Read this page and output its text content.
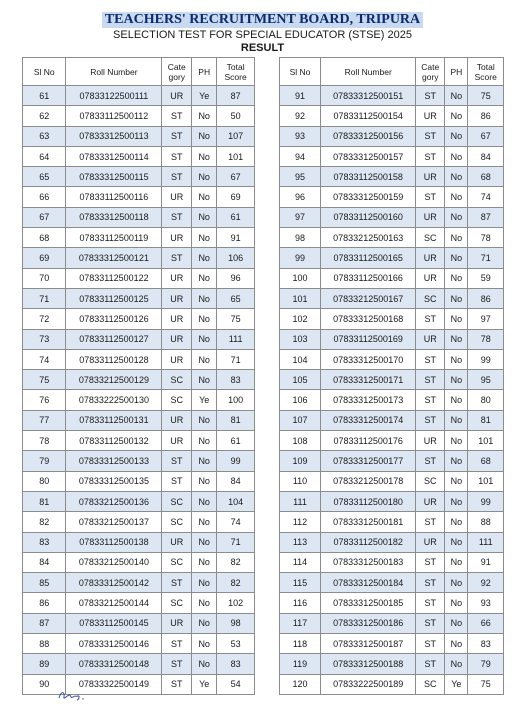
TEACHERS' RECRUITMENT BOARD, TRIPURA
SELECTION TEST FOR SPECIAL EDUCATOR (STSE) 2025
RESULT
Sl No	Roll Number	Cate gory	PH	Total Score
61	07833122500111	UR	Ye	87
62	07833112500112	ST	No	50
63	07833312500113	ST	No	107
64	07833312500114	ST	No	101
65	07833312500115	ST	No	67
66	07833112500116	UR	No	69
67	07833312500118	ST	No	61
68	07833112500119	UR	No	91
69	07833312500121	ST	No	106
70	07833112500122	UR	No	96
71	07833112500125	UR	No	65
72	07833112500126	UR	No	75
73	07833112500127	UR	No	111
74	07833112500128	UR	No	71
75	07833212500129	SC	No	83
76	07833222500130	SC	Ye	100
77	07833112500131	UR	No	81
78	07833112500132	UR	No	61
79	07833312500133	ST	No	99
80	07833312500135	ST	No	84
81	07833212500136	SC	No	104
82	07833212500137	SC	No	74
83	07833112500138	UR	No	71
84	07833212500140	SC	No	82
85	07833312500142	ST	No	82
86	07833212500144	SC	No	102
87	07833112500145	UR	No	98
88	07833312500146	ST	No	53
89	07833312500148	ST	No	83
90	07833322500149	ST	Ye	54
Sl No	Roll Number	Cate gory	PH	Total Score
91	07833312500151	ST	No	75
92	07833112500154	UR	No	86
93	07833312500156	ST	No	67
94	07833312500157	ST	No	84
95	07833112500158	UR	No	68
96	07833312500159	ST	No	74
97	07833112500160	UR	No	87
98	07833212500163	SC	No	78
99	07833112500165	UR	No	71
100	07833112500166	UR	No	59
101	07833212500167	SC	No	86
102	07833312500168	ST	No	97
103	07833112500169	UR	No	78
104	07833312500170	ST	No	99
105	07833312500171	ST	No	95
106	07833312500173	ST	No	80
107	07833312500174	ST	No	81
108	07833112500176	UR	No	101
109	07833312500177	ST	No	68
110	07833212500178	SC	No	101
111	07833112500180	UR	No	99
112	07833312500181	ST	No	88
113	07833112500182	UR	No	111
114	07833312500183	ST	No	91
115	07833312500184	ST	No	92
116	07833312500185	ST	No	93
117	07833312500186	ST	No	66
118	07833312500187	ST	No	83
119	07833312500188	ST	No	79
120	07833222500189	SC	Ye	75
